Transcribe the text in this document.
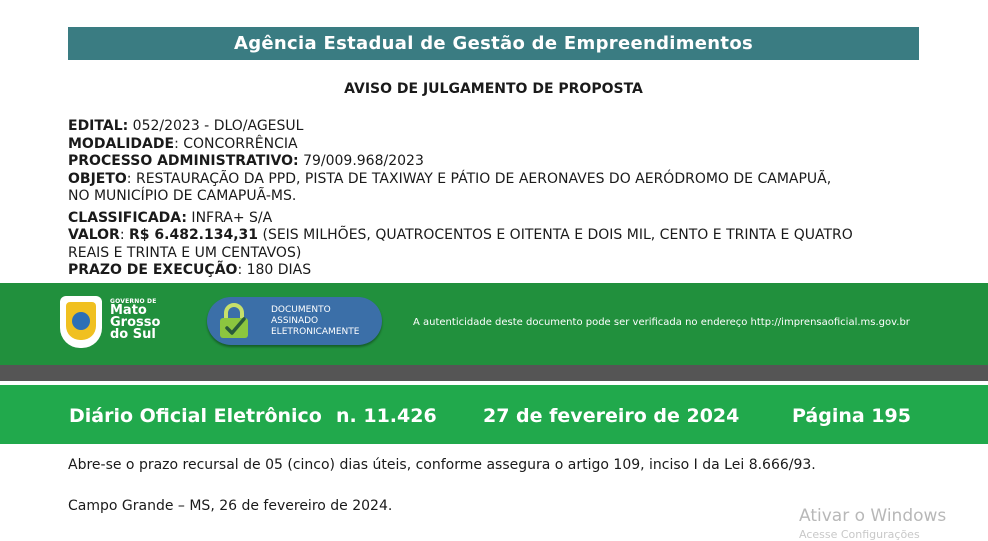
Agência Estadual de Gestão de Empreendimentos
AVISO DE JULGAMENTO DE PROPOSTA

EDITAL: 052/2023 - DLO/AGESUL

MODALIDADE: CONCORRÊNCIA

PROCESSO ADMINISTRATIVO: 79/009.968/2023

OBJETO: RESTAURAÇÃO DA PPD, PISTA DE TAXIWAY E PÁTIO DE AERONAVES DO AERÓDROMO DE CAMAPUÃ,
NO MUNICÍPIO DE CAMAPUÃ-MS.

CLASSIFICADA: INFRA+ S/A

VALOR: R$ 6.482.134,31 (SEIS MILHÕES, QUATROCENTOS E OITENTA E DOIS MIL, CENTO E TRINTA E QUATRO
REAIS E TRINTA E UM CENTAVOS)

PRAZO DE EXECUÇÃO: 180 DIAS

GOVERNO DE
Mato
Grosso
do Sul
DOCUMENTO
ASSINADO
ELETRONICAMENTE
A autenticidade deste documento pode ser verificada no endereço http://imprensaoficial.ms.gov.br
Diário Oficial Eletrônico n. 11.426 27 de fevereiro de 2024	Página 195
Abre-se o prazo recursal de 05 (cinco) dias úteis, conforme assegura o artigo 109, inciso I da Lei 8.666/93.
Campo Grande – MS, 26 de fevereiro de 2024.	Ativar o Windows
Acesse Configurações
